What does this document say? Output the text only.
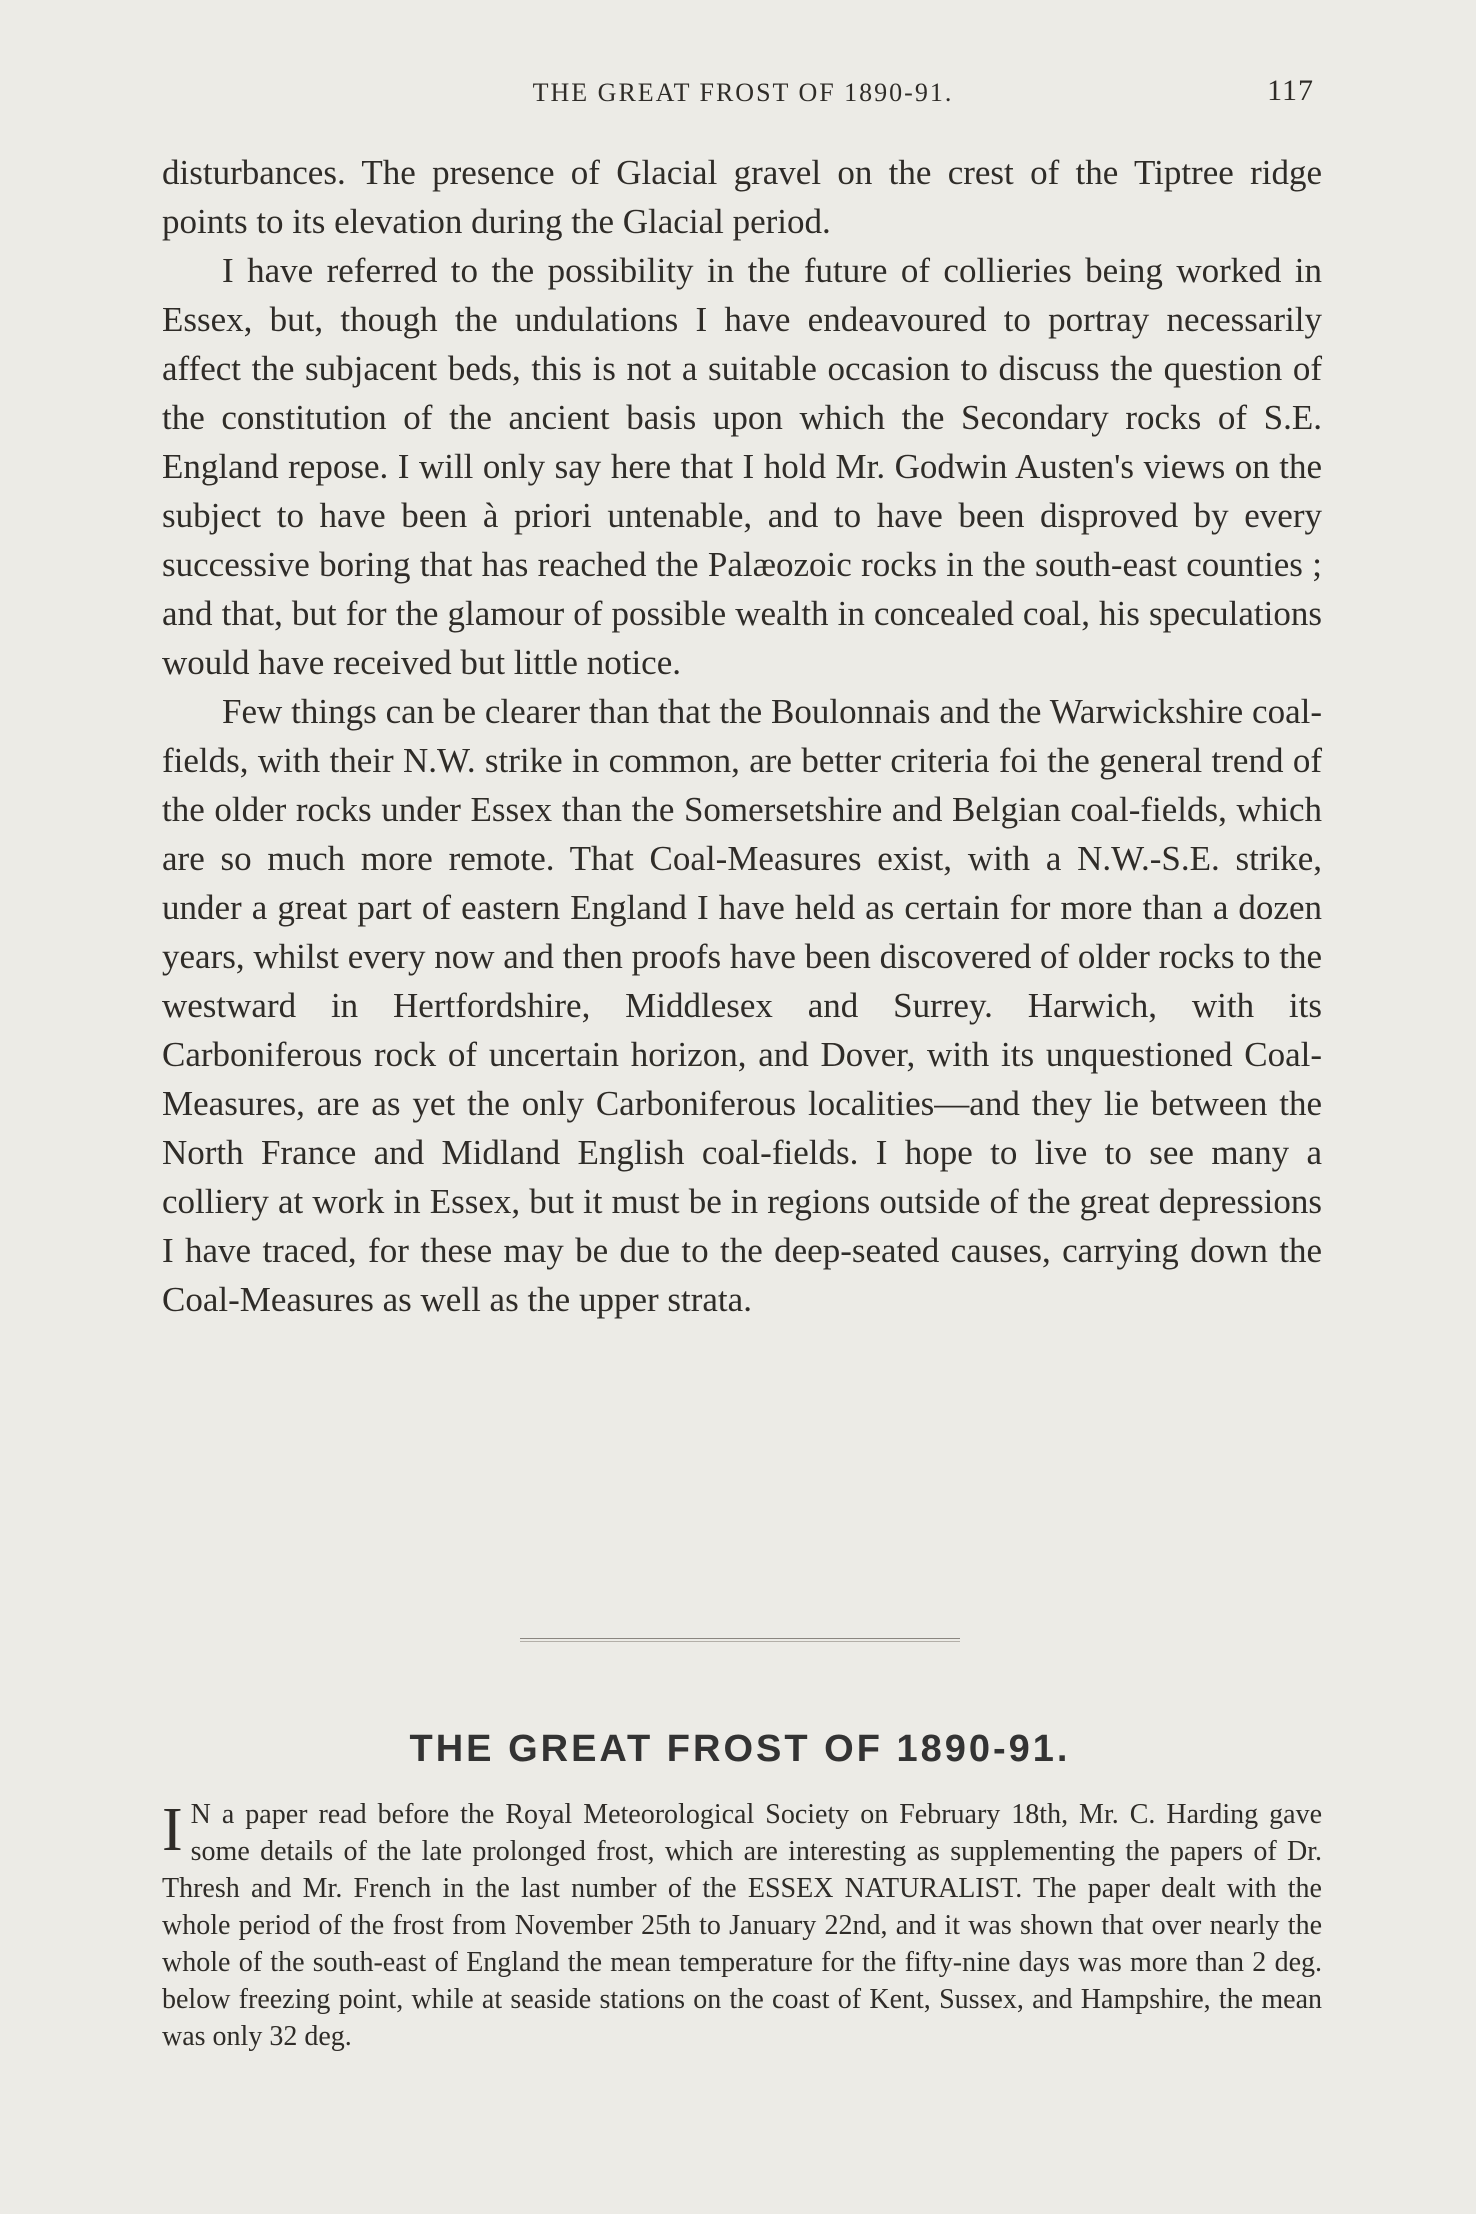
THE GREAT FROST OF 1890-91.	117

disturbances. The presence of Glacial gravel on the crest of the Tiptree ridge points to its elevation during the Glacial period.

I have referred to the possibility in the future of collieries being worked in Essex, but, though the undulations I have endeavoured to portray necessarily affect the subjacent beds, this is not a suitable occasion to discuss the question of the constitution of the ancient basis upon which the Secondary rocks of S.E. England repose. I will only say here that I hold Mr. Godwin Austen's views on the subject to have been à priori untenable, and to have been disproved by every successive boring that has reached the Palæozoic rocks in the south-east counties ; and that, but for the glamour of possible wealth in concealed coal, his speculations would have received but little notice.

Few things can be clearer than that the Boulonnais and the Warwickshire coal-fields, with their N.W. strike in common, are better criteria foi the general trend of the older rocks under Essex than the Somersetshire and Belgian coal-fields, which are so much more remote. That Coal-Measures exist, with a N.W.-S.E. strike, under a great part of eastern England I have held as certain for more than a dozen years, whilst every now and then proofs have been discovered of older rocks to the westward in Hertfordshire, Middlesex and Surrey. Harwich, with its Carboniferous rock of uncertain horizon, and Dover, with its unquestioned Coal-Measures, are as yet the only Carboniferous localities—and they lie between the North France and Midland English coal-fields. I hope to live to see many a colliery at work in Essex, but it must be in regions outside of the great depressions I have traced, for these may be due to the deep-seated causes, carrying down the Coal-Measures as well as the upper strata.

THE GREAT FROST OF 1890-91.
I N a paper read before the Royal Meteorological Society on February 18th, Mr. C. Harding gave some details of the late prolonged frost, which are interesting as supplementing the papers of Dr. Thresh and Mr. French in the last number of the ESSEX NATURALIST. The paper dealt with the whole period of the frost from November 25th to January 22nd, and it was shown that over nearly the whole of the south-east of England the mean temperature for the fifty-nine days was more than 2 deg. below freezing point, while at seaside stations on the coast of Kent, Sussex, and Hampshire, the mean was only 32 deg.
